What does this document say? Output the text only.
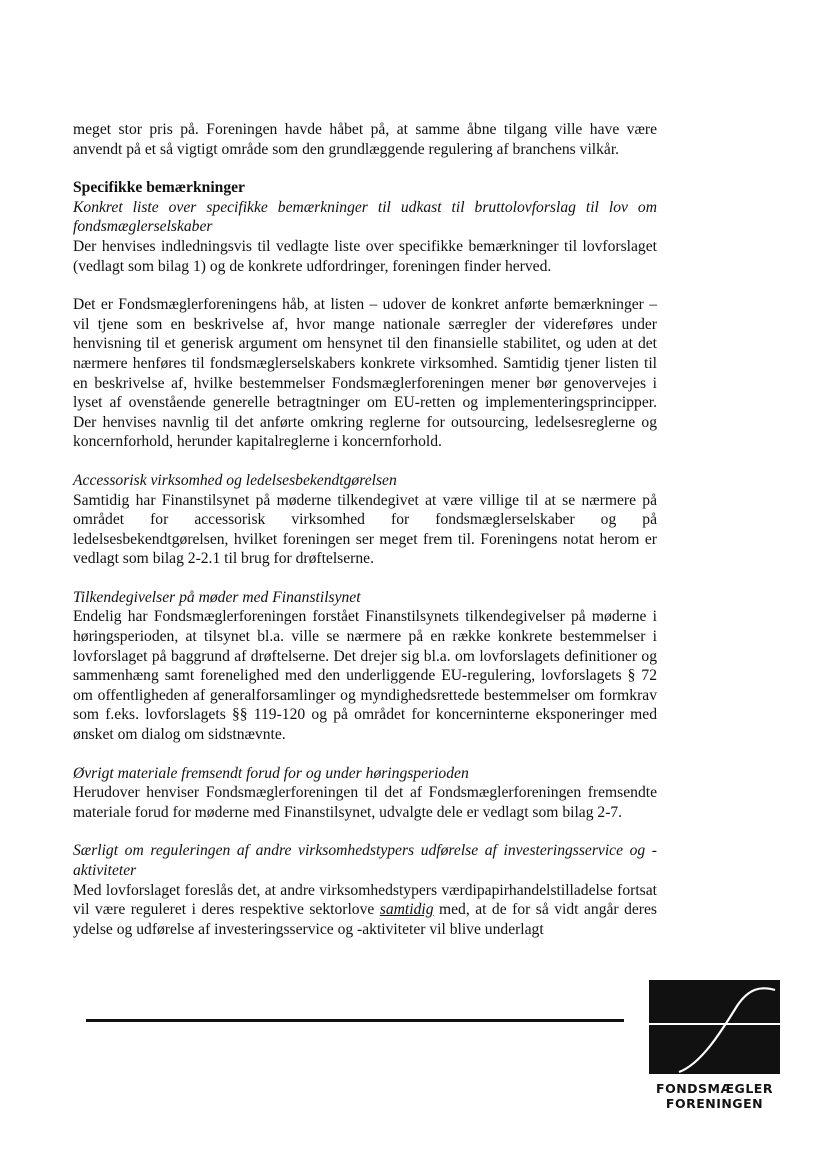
meget stor pris på. Foreningen havde håbet på, at samme åbne tilgang ville have være anvendt på et så vigtigt område som den grundlæggende regulering af branchens vilkår.

Specifikke bemærkninger

Konkret liste over specifikke bemærkninger til udkast til bruttolovforslag til lov om fondsmæglerselskaber

Der henvises indledningsvis til vedlagte liste over specifikke bemærkninger til lovforslaget (vedlagt som bilag 1) og de konkrete udfordringer, foreningen finder herved.

Det er Fondsmæglerforeningens håb, at listen – udover de konkret anførte bemærkninger – vil tjene som en beskrivelse af, hvor mange nationale særregler der videreføres under henvisning til et generisk argument om hensynet til den finansielle stabilitet, og uden at det nærmere henføres til fondsmæglerselskabers konkrete virksomhed. Samtidig tjener listen til en beskrivelse af, hvilke bestemmelser Fondsmæglerforeningen mener bør genovervejes i lyset af ovenstående generelle betragtninger om EU-retten og implementeringsprincipper. Der henvises navnlig til det anførte omkring reglerne for outsourcing, ledelsesreglerne og koncernforhold, herunder kapitalreglerne i koncernforhold.

Accessorisk virksomhed og ledelsesbekendtgørelsen

Samtidig har Finanstilsynet på møderne tilkendegivet at være villige til at se nærmere på området for accessorisk virksomhed for fondsmæglerselskaber og på ledelsesbekendtgørelsen, hvilket foreningen ser meget frem til. Foreningens notat herom er vedlagt som bilag 2-2.1 til brug for drøftelserne.

Tilkendegivelser på møder med Finanstilsynet

Endelig har Fondsmæglerforeningen forstået Finanstilsynets tilkendegivelser på møderne i høringsperioden, at tilsynet bl.a. ville se nærmere på en række konkrete bestemmelser i lovforslaget på baggrund af drøftelserne. Det drejer sig bl.a. om lovforslagets definitioner og sammenhæng samt forenelighed med den underliggende EU-regulering, lovforslagets § 72 om offentligheden af generalforsamlinger og myndighedsrettede bestemmelser om formkrav som f.eks. lovforslagets §§ 119-120 og på området for koncerninterne eksponeringer med ønsket om dialog om sidstnævnte.

Øvrigt materiale fremsendt forud for og under høringsperioden

Herudover henviser Fondsmæglerforeningen til det af Fondsmæglerforeningen fremsendte materiale forud for møderne med Finanstilsynet, udvalgte dele er vedlagt som bilag 2-7.

Særligt om reguleringen af andre virksomhedstypers udførelse af investeringsservice og -aktiviteter

Med lovforslaget foreslås det, at andre virksomhedstypers værdipapirhandelstilladelse fortsat vil være reguleret i deres respektive sektorlove samtidig med, at de for så vidt angår deres ydelse og udførelse af investeringsservice og -aktiviteter vil blive underlagt

FONDSMÆGLER
FORENINGEN
